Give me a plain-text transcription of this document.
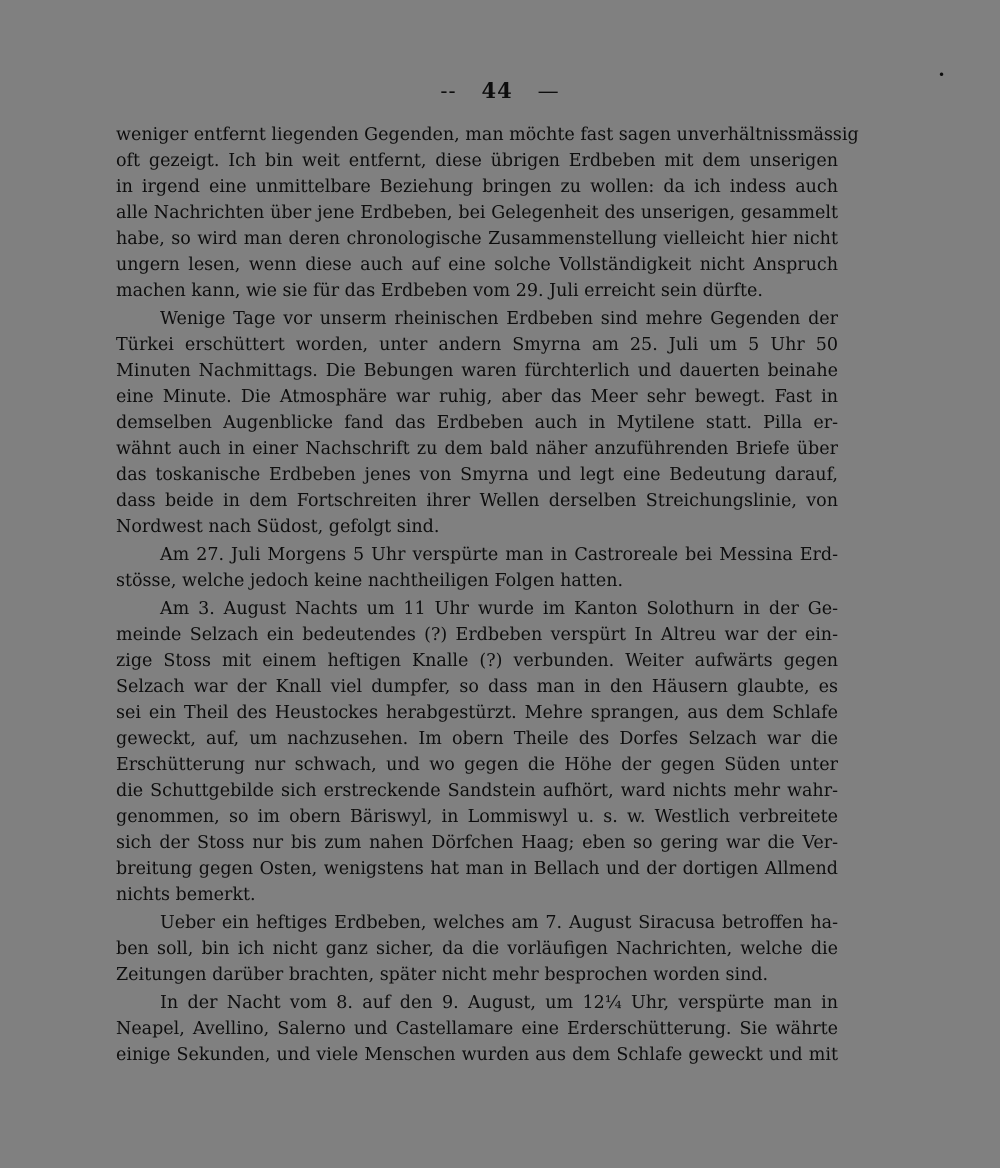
-- 44 —
•
weniger entfernt liegenden Gegenden, man möchte fast sagen unverhältnissmässig
oft gezeigt. Ich bin weit entfernt, diese übrigen Erdbeben mit dem unserigen
in irgend eine unmittelbare Beziehung bringen zu wollen: da ich indess auch
alle Nachrichten über jene Erdbeben, bei Gelegenheit des unserigen, gesammelt
habe, so wird man deren chronologische Zusammenstellung vielleicht hier nicht
ungern lesen, wenn diese auch auf eine solche Vollständigkeit nicht Anspruch
machen kann, wie sie für das Erdbeben vom 29. Juli erreicht sein dürfte.
Wenige Tage vor unserm rheinischen Erdbeben sind mehre Gegenden der
Türkei erschüttert worden, unter andern Smyrna am 25. Juli um 5 Uhr 50
Minuten Nachmittags. Die Bebungen waren fürchterlich und dauerten beinahe
eine Minute. Die Atmosphäre war ruhig, aber das Meer sehr bewegt. Fast in
demselben Augenblicke fand das Erdbeben auch in Mytilene statt. Pilla er-
wähnt auch in einer Nachschrift zu dem bald näher anzuführenden Briefe über
das toskanische Erdbeben jenes von Smyrna und legt eine Bedeutung darauf,
dass beide in dem Fortschreiten ihrer Wellen derselben Streichungslinie, von
Nordwest nach Südost, gefolgt sind.
Am 27. Juli Morgens 5 Uhr verspürte man in Castroreale bei Messina Erd-
stösse, welche jedoch keine nachtheiligen Folgen hatten.
Am 3. August Nachts um 11 Uhr wurde im Kanton Solothurn in der Ge-
meinde Selzach ein bedeutendes (?) Erdbeben verspürt In Altreu war der ein-
zige Stoss mit einem heftigen Knalle (?) verbunden. Weiter aufwärts gegen
Selzach war der Knall viel dumpfer, so dass man in den Häusern glaubte, es
sei ein Theil des Heustockes herabgestürzt. Mehre sprangen, aus dem Schlafe
geweckt, auf, um nachzusehen. Im obern Theile des Dorfes Selzach war die
Erschütterung nur schwach, und wo gegen die Höhe der gegen Süden unter
die Schuttgebilde sich erstreckende Sandstein aufhört, ward nichts mehr wahr-
genommen, so im obern Bäriswyl, in Lommiswyl u. s. w. Westlich verbreitete
sich der Stoss nur bis zum nahen Dörfchen Haag; eben so gering war die Ver-
breitung gegen Osten, wenigstens hat man in Bellach und der dortigen Allmend
nichts bemerkt.
Ueber ein heftiges Erdbeben, welches am 7. August Siracusa betroffen ha-
ben soll, bin ich nicht ganz sicher, da die vorläufigen Nachrichten, welche die
Zeitungen darüber brachten, später nicht mehr besprochen worden sind.
In der Nacht vom 8. auf den 9. August, um 12¼ Uhr, verspürte man in
Neapel, Avellino, Salerno und Castellamare eine Erderschütterung. Sie währte
einige Sekunden, und viele Menschen wurden aus dem Schlafe geweckt und mit
